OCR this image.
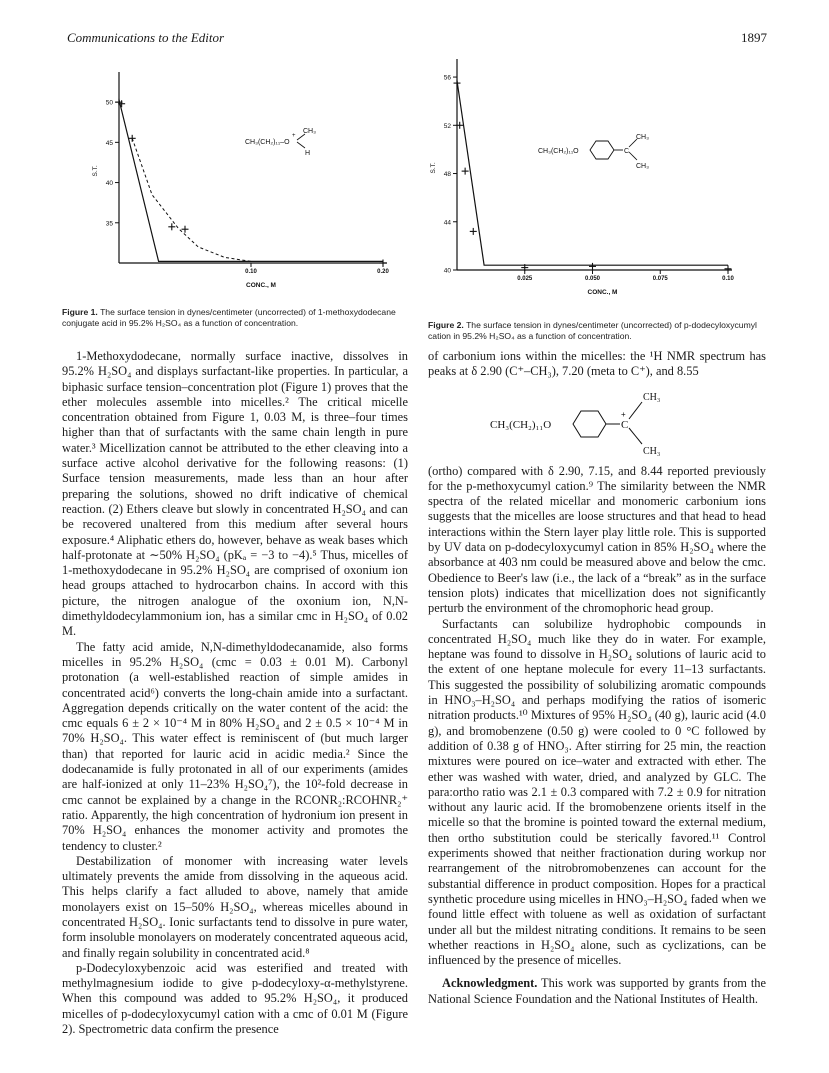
Communications to the Editor	1897
CH₃(CH₂)₁₁–O
+
CH₃
H
50
45
40
35
0.10	0.20
S.T.
CONC., M
Figure 1. The surface tension in dynes/centimeter (uncorrected) of 1-methoxydodecane conjugate acid in 95.2% H₂SO₄ as a function of concentration.
CH₃(CH₂)₁₁O	C
CH₃
CH₃
56
52
48
44
40
0.025	0.050	0.075	0.10
S.T.
CONC., M
Figure 2. The surface tension in dynes/centimeter (uncorrected) of p-dodecyloxycumyl cation in 95.2% H₂SO₄ as a function of concentration.

1-Methoxydodecane, normally surface inactive, dissolves in 95.2% H₂SO₄ and displays surfactant-like properties. In particular, a biphasic surface tension–concentration plot (Figure 1) proves that the ether molecules assemble into micelles.² The critical micelle concentration obtained from Figure 1, 0.03 M, is three–four times higher than that of surfactants with the same chain length in pure water.³ Micellization cannot be attributed to the ether cleaving into a surface active alcohol derivative for the following reasons: (1) Surface tension measurements, made less than an hour after preparing the solutions, showed no drift indicative of chemical reaction. (2) Ethers cleave but slowly in concentrated H₂SO₄ and can be recovered unaltered from this medium after several hours exposure.⁴ Aliphatic ethers do, however, behave as weak bases which half-protonate at ∼50% H₂SO₄ (pKₐ = −3 to −4).⁵ Thus, micelles of 1-methoxydodecane in 95.2% H₂SO₄ are comprised of oxonium ion head groups attached to hydrocarbon chains. In accord with this picture, the nitrogen analogue of the oxonium ion, N,N-dimethyldodecylammonium ion, has a similar cmc in H₂SO₄ of 0.02 M.

The fatty acid amide, N,N-dimethyldodecanamide, also forms micelles in 95.2% H₂SO₄ (cmc = 0.03 ± 0.01 M). Carbonyl protonation (a well-established reaction of simple amides in concentrated acid⁶) converts the long-chain amide into a surfactant. Aggregation depends critically on the water content of the acid: the cmc equals 6 ± 2 × 10⁻⁴ M in 80% H₂SO₄ and 2 ± 0.5 × 10⁻⁴ M in 70% H₂SO₄. This water effect is reminiscent of (but much larger than) that reported for lauric acid in acidic media.² Since the dodecanamide is fully protonated in all of our experiments (amides are half-ionized at only 11–23% H₂SO₄⁷), the 10²-fold decrease in cmc cannot be explained by a change in the RCONR₂:RCOHNR₂⁺ ratio. Apparently, the high concentration of hydronium ion present in 70% H₂SO₄ enhances the monomer activity and promotes the tendency to cluster.²

Destabilization of monomer with increasing water levels ultimately prevents the amide from dissolving in the aqueous acid. This helps clarify a fact alluded to above, namely that amide monolayers exist on 15–50% H₂SO₄, whereas micelles abound in concentrated H₂SO₄. Ionic surfactants tend to dissolve in pure water, form insoluble monolayers on moderately concentrated aqueous acid, and finally regain solubility in concentrated acid.⁸

p-Dodecyloxybenzoic acid was esterified and treated with methylmagnesium iodide to give p-dodecyloxy-α-methylstyrene. When this compound was added to 95.2% H₂SO₄, it produced micelles of p-dodecyloxycumyl cation with a cmc of 0.01 M (Figure 2). Spectrometric data confirm the presence

of carbonium ions within the micelles: the ¹H NMR spectrum has peaks at δ 2.90 (C⁺–CH₃), 7.20 (meta to C⁺), and 8.55

CH₃(CH₂)₁₁O	C
+
CH₃
CH₃

(ortho) compared with δ 2.90, 7.15, and 8.44 reported previously for the p-methoxycumyl cation.⁹ The similarity between the NMR spectra of the related micellar and monomeric carbonium ions suggests that the micelles are loose structures and that head to head interactions within the Stern layer play little role. This is supported by UV data on p-dodecyloxycumyl cation in 85% H₂SO₄ where the absorbance at 403 nm could be measured above and below the cmc. Obedience to Beer's law (i.e., the lack of a “break” as in the surface tension plots) indicates that micellization does not significantly perturb the environment of the chromophoric head group.

Surfactants can solubilize hydrophobic compounds in concentrated H₂SO₄ much like they do in water. For example, heptane was found to dissolve in H₂SO₄ solutions of lauric acid to the extent of one heptane molecule for every 11–13 surfactants. This suggested the possibility of solubilizing aromatic compounds in HNO₃–H₂SO₄ and perhaps modifying the ratios of isomeric nitration products.¹⁰ Mixtures of 95% H₂SO₄ (40 g), lauric acid (4.0 g), and bromobenzene (0.50 g) were cooled to 0 °C followed by addition of 0.38 g of HNO₃. After stirring for 25 min, the reaction mixtures were poured on ice–water and extracted with ether. The ether was washed with water, dried, and analyzed by GLC. The para:ortho ratio was 2.1 ± 0.3 compared with 7.2 ± 0.9 for nitration without any lauric acid. If the bromobenzene orients itself in the micelle so that the bromine is pointed toward the external medium, then ortho substitution could be sterically favored.¹¹ Control experiments showed that neither fractionation during workup nor rearrangement of the nitrobromobenzenes can account for the substantial difference in product composition. Hopes for a practical synthetic procedure using micelles in HNO₃–H₂SO₄ faded when we found little effect with toluene as well as oxidation of surfactant under all but the mildest nitrating conditions. It remains to be seen whether reactions in H₂SO₄ alone, such as cyclizations, can be influenced by the presence of micelles.

Acknowledgment. This work was supported by grants from the National Science Foundation and the National Institutes of Health.
